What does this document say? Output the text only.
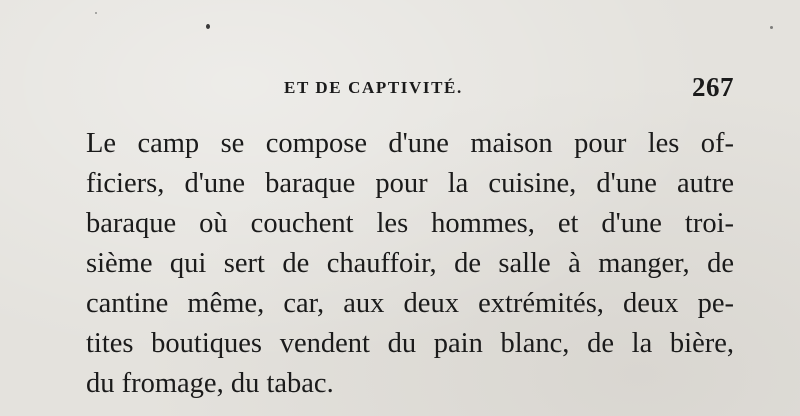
ET DE CAPTIVITÉ.	267
Le camp se compose d'une maison pour les of-
ficiers, d'une baraque pour la cuisine, d'une autre
baraque où couchent les hommes, et d'une troi-
sième qui sert de chauffoir, de salle à manger, de
cantine même, car, aux deux extrémités, deux pe-
tites boutiques vendent du pain blanc, de la bière,
du fromage, du tabac.
